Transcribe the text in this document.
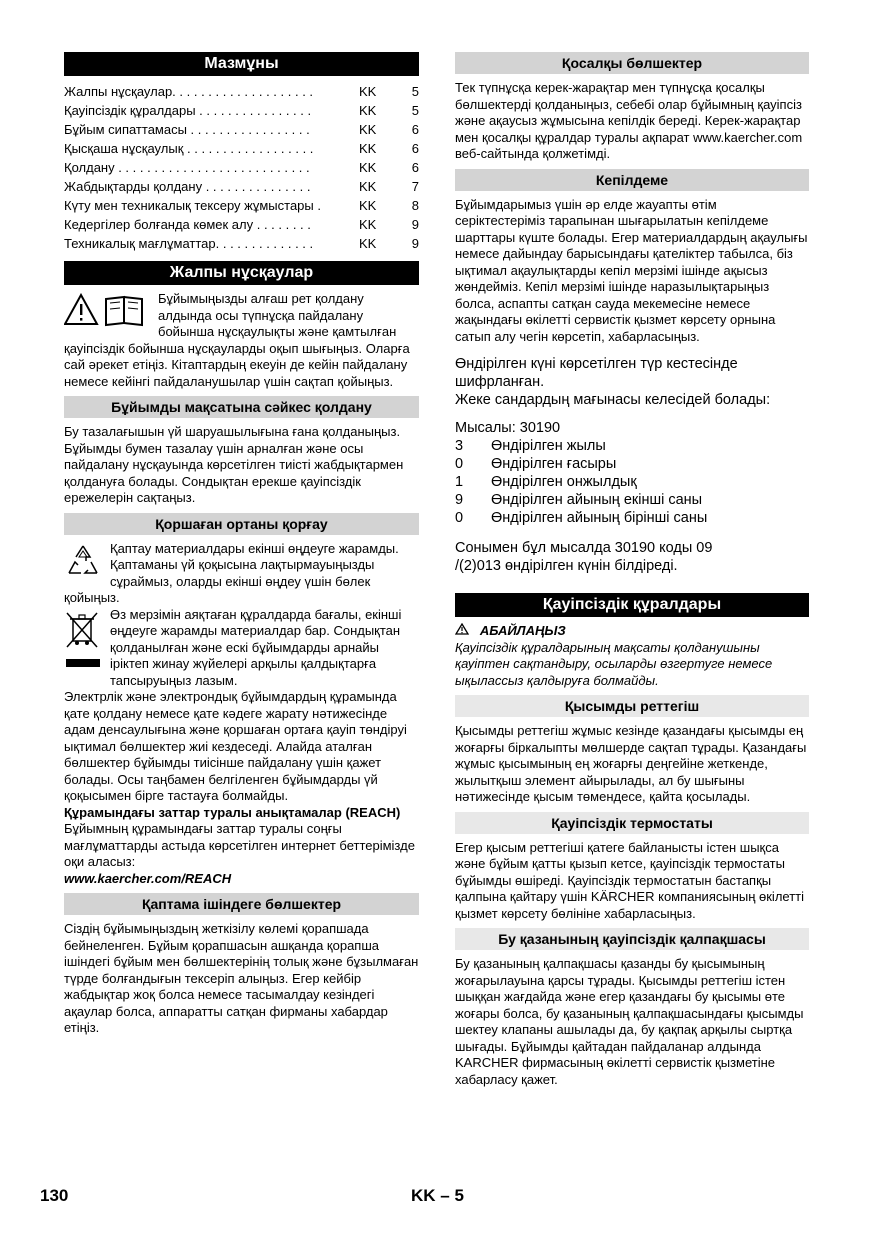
Мазмұны
Жалпы нұсқаулар. . . . . . . . . . . . . . . . . . . .	KK	5
Қауіпсіздік құралдары . . . . . . . . . . . . . . . .	KK	5
Бұйым сипаттамасы . . . . . . . . . . . . . . . . .	KK	6
Қысқаша нұсқаулық . . . . . . . . . . . . . . . . . .	KK	6
Қолдану . . . . . . . . . . . . . . . . . . . . . . . . . . .	KK	6
Жабдықтарды қолдану . . . . . . . . . . . . . . .	KK	7
Күту мен техникалық тексеру жұмыстары .	KK	8
Кедергілер болғанда көмек алу . . . . . . . .	KK	9
Техникалық мағлұматтар. . . . . . . . . . . . . .	KK	9
Жалпы нұсқаулар

Бұйымыңызды алғаш рет қолдану алдында осы түпнұсқа пайдалану бойынша нұсқаулықты және қамтылған қауіпсіздік бойынша нұсқауларды оқып шығыңыз. Оларға сай әрекет етіңіз. Кітаптардың екеуін де кейін пайдалану немесе кейінгі пайдаланушылар үшін сақтап қойыңыз.

Бұйымды мақсатына сәйкес қолдану

Бу тазалағышын үй шаруашылығына ғана қолданыңыз. Бұйымды бумен тазалау үшін арналған және осы пайдалану нұсқауында көрсетілген тиісті жабдықтармен қолдануға болады. Сондықтан ерекше қауіпсіздік ережелерін сақтаңыз.

Қоршаған ортаны қорғау

Қаптау материалдары екінші өңдеуге жарамды. Қаптаманы үй қоқысына лақтырмауыңызды сұраймыз, оларды екінші өңдеу үшін бөлек қойыңыз.

Өз мерзімін аяқтаған құралдарда бағалы, екінші өңдеуге жарамды материалдар бар. Сондықтан қолданылған және ескі бұйымдарды арнайы іріктеп жинау жүйелері арқылы қалдықтарға тапсыруыңыз лазым.

Электрлік және электрондық бұйымдардың құрамында қате қолдану немесе қате кәдеге жарату нәтижесінде адам денсаулығына және қоршаған ортаға қауіп төндіруі ықтимал бөлшектер жиі кездеседі. Алайда аталған бөлшектер бұйымды тиісінше пайдалану үшін қажет болады. Осы таңбамен белгіленген бұйымдарды үй қоқысымен бірге тастауға болмайды.

Құрамындағы заттар туралы анықтамалар (REACH)

Бұйымның құрамындағы заттар туралы соңғы мағлұматтарды астыда көрсетілген интернет беттерімізде оқи аласыз:

www.kaercher.com/REACH

Қаптама ішіндеге бөлшектер

Сіздің бұйымыңыздың жеткізілу көлемі қорапшада бейнеленген. Бұйым қорапшасын ашқанда қорапша ішіндегі бұйым мен бөлшектерінің толық және бұзылмаған түрде болғандығын тексеріп алыңыз. Егер кейбір жабдықтар жоқ болса немесе тасымалдау кезіндегі ақаулар болса, аппаратты сатқан фирманы хабардар етіңіз.

Қосалқы бөлшектер

Тек түпнұсқа керек-жарақтар мен түпнұсқа қосалқы бөлшектерді қолданыңыз, себебі олар бұйымның қауіпсіз және ақаусыз жұмысына кепілдік береді. Керек-жарақтар мен қосалқы құралдар туралы ақпарат www.kaercher.com веб-сайтында қолжетімді.

Кепілдеме

Бұйымдарымыз үшін әр елде жауапты өтім серіктестеріміз тарапынан шығарылатын кепілдеме шарттары күште болады. Егер материалдардың ақаулығы немесе дайындау барысындағы қателіктер табылса, біз ықтимал ақаулықтарды кепіл мерзімі ішінде ақысыз жөндейміз. Кепіл мерзімі ішінде наразылықтарыңыз болса, аспапты сатқан сауда мекемесіне немесе жақындағы өкілетті сервистік қызмет көрсету орнына сатып алу чегін көрсетіп, хабарласыңыз.

Өндірілген күні көрсетілген түр кестесінде шифрланған.

Жеке сандардың мағынасы келесідей болады:

Мысалы: 30190

3	Өндірілген жылы
0	Өндірілген ғасыры
1	Өндірілген онжылдық
9	Өндірілген айының екінші саны
0	Өндірілген айының бірінші саны

Сонымен бұл мысалда 30190 коды 09 /(2)013 өндірілген күнін білдіреді.

Қауіпсіздік құралдары

АБАЙЛАҢЫЗ

Қауіпсіздік құралдарының мақсаты қолданушыны қауіптен сақтандыру, осыларды өзгертуге немесе ықылассыз қалдыруға болмайды.

Қысымды реттегіш

Қысымды реттегіш жұмыс кезінде қазандағы қысымды ең жоғарғы біркалыпты мөлшерде сақтап тұрады. Қазандағы жұмыс қысымының ең жоғарғы деңгейіне жеткенде, жылытқыш элемент айырылады, ал бу шығыны нәтижесінде қысым төмендесе, қайта қосылады.

Қауіпсіздік термостаты

Егер қысым реттегіші қатеге байланысты істен шықса және бұйым қатты қызып кетсе, қауіпсіздік термостаты бұйымды өшіреді. Қауіпсіздік термостатын бастапқы қалпына қайтару үшін KÄRCHER компаниясының өкілетті қызмет көрсету бөлініне хабарласыңыз.

Бу қазанының қауіпсіздік қалпақшасы

Бу қазанының қалпақшасы қазанды бу қысымының жоғарылауына қарсы тұрады. Қысымды реттегіш істен шыққан жағдайда және егер қазандағы бу қысымы өте жоғары болса, бу қазанының қалпақшасындағы қысымды шектеу клапаны ашылады да, бу қақпақ арқылы сыртқа шығады. Бұйымды қайтадан пайдаланар алдында KARCHER фирмасының өкілетті сервистік қызметіне хабарласу қажет.

130	KK – 5
